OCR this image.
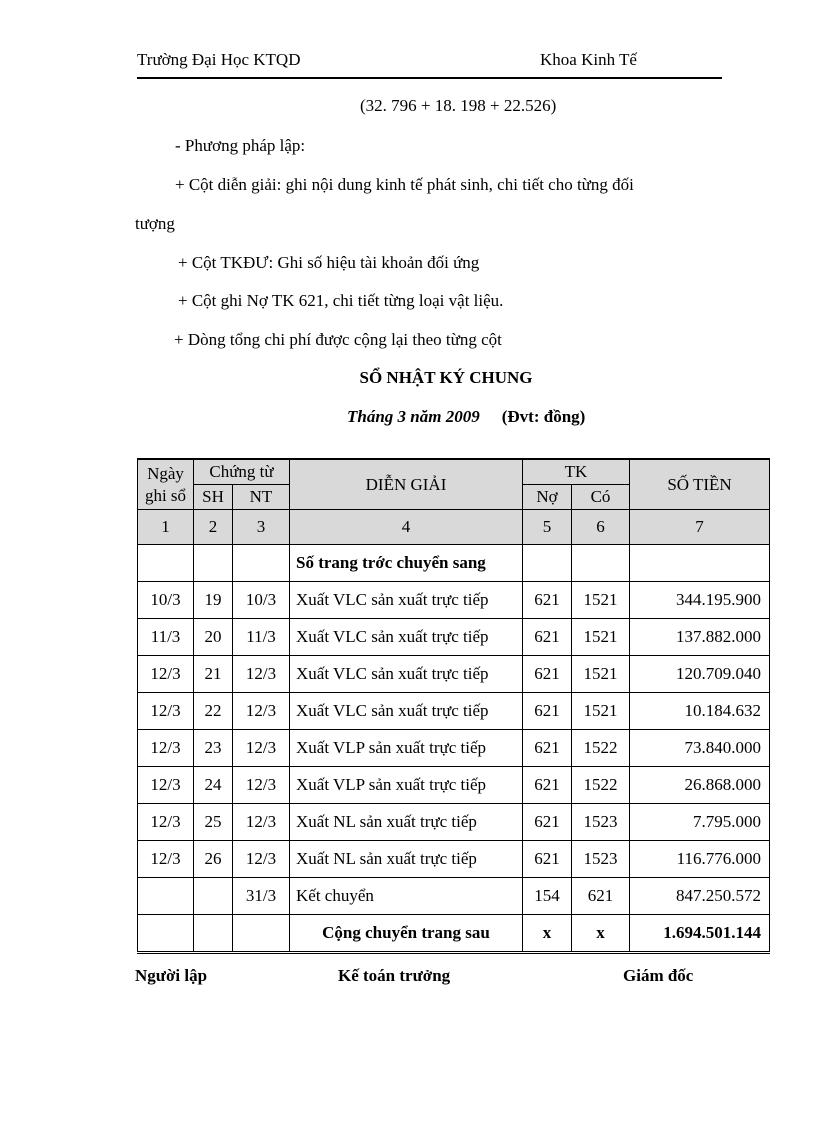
Trường Đại Học KTQD	Khoa Kinh Tế
(32. 796 + 18. 198 + 22.526)
- Phương pháp lập:
+ Cột diễn giải: ghi nội dung kinh tế phát sinh, chi tiết cho từng đối
tượng
+ Cột TKĐƯ: Ghi số hiệu tài khoản đối ứng
+ Cột ghi Nợ TK 621, chi tiết từng loại vật liệu.
+ Dòng tổng chi phí được cộng lại theo từng cột
SỔ NHẬT KÝ CHUNG
Tháng 3 năm 2009 (Đvt: đồng)
Ngày
ghi sổ	Chứng từ		DIỄN GIẢI	TK		SỐ TIỀN
	SH	NT		Nợ	Có	
1	2	3	4	5	6	7
			Số trang trớc chuyển sang			
10/3	19	10/3	Xuất VLC sản xuất trực tiếp	621	1521	344.195.900
11/3	20	11/3	Xuất VLC sản xuất trực tiếp	621	1521	137.882.000
12/3	21	12/3	Xuất VLC sản xuất trực tiếp	621	1521	120.709.040
12/3	22	12/3	Xuất VLC sản xuất trực tiếp	621	1521	10.184.632
12/3	23	12/3	Xuất VLP sản xuất trực tiếp	621	1522	73.840.000
12/3	24	12/3	Xuất VLP sản xuất trực tiếp	621	1522	26.868.000
12/3	25	12/3	Xuất NL sản xuất trực tiếp	621	1523	7.795.000
12/3	26	12/3	Xuất NL sản xuất trực tiếp	621	1523	116.776.000
		31/3	Kết chuyển	154	621	847.250.572
			Cộng chuyển trang sau	x	x	1.694.501.144
Người lập	Kế toán trưởng	Giám đốc
